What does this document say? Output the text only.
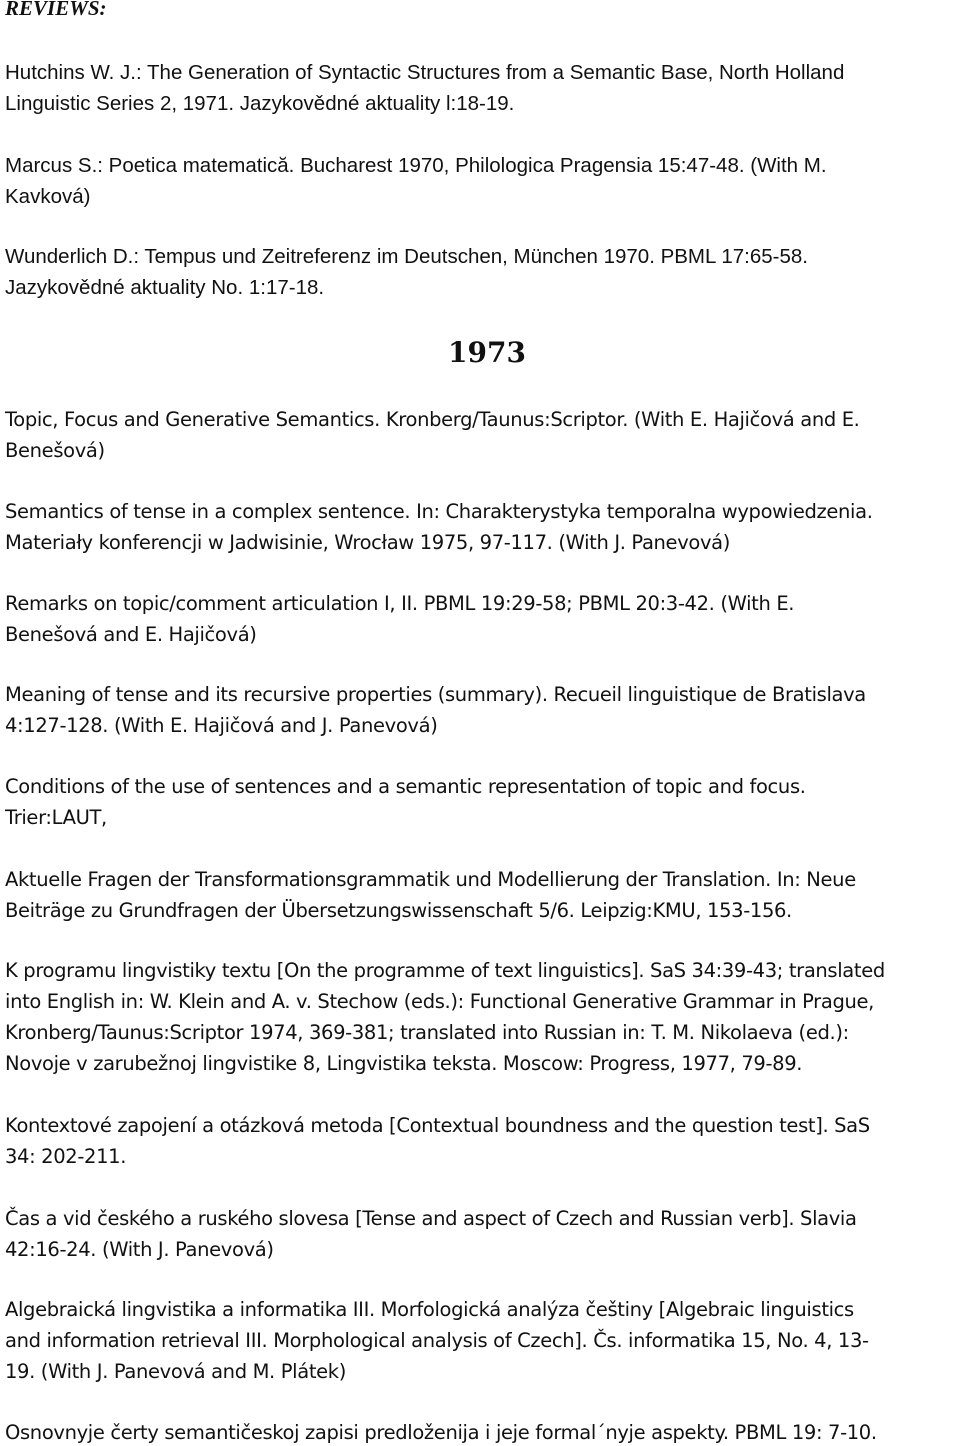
REVIEWS:

Hutchins W. J.: The Generation of Syntactic Structures from a Semantic Base, North Holland
Linguistic Series 2, 1971. Jazykovědné aktuality l:18-19.

Marcus S.: Poetica matematică. Bucharest 1970, Philologica Pragensia 15:47-48. (With M.
Kavková)

Wunderlich D.: Tempus und Zeitreferenz im Deutschen, München 1970. PBML 17:65-58.
Jazykovědné aktuality No. 1:17-18.

1973

Topic, Focus and Generative Semantics. Kronberg/Taunus:Scriptor. (With E. Hajičová and E.
Benešová)

Semantics of tense in a complex sentence. In: Charakterystyka temporalna wypowiedzenia.
Materiały konferencji w Jadwisinie, Wrocław 1975, 97-117. (With J. Panevová)

Remarks on topic/comment articulation I, II. PBML 19:29-58; PBML 20:3-42. (With E.
Benešová and E. Hajičová)

Meaning of tense and its recursive properties (summary). Recueil linguistique de Bratislava
4:127-128. (With E. Hajičová and J. Panevová)

Conditions of the use of sentences and a semantic representation of topic and focus.
Trier:LAUT,

Aktuelle Fragen der Transformationsgrammatik und Modellierung der Translation. In: Neue
Beiträge zu Grundfragen der Übersetzungswissenschaft 5/6. Leipzig:KMU, 153-156.

K programu lingvistiky textu [On the programme of text linguistics]. SaS 34:39-43; translated
into English in: W. Klein and A. v. Stechow (eds.): Functional Generative Grammar in Prague,
Kronberg/Taunus:Scriptor 1974, 369-381; translated into Russian in: T. M. Nikolaeva (ed.):
Novoje v zarubežnoj lingvistike 8, Lingvistika teksta. Moscow: Progress, 1977, 79-89.

Kontextové zapojení a otázková metoda [Contextual boundness and the question test]. SaS
34: 202-211.

Čas a vid českého a ruského slovesa [Tense and aspect of Czech and Russian verb]. Slavia
42:16-24. (With J. Panevová)

Algebraická lingvistika a informatika III. Morfologická analýza češtiny [Algebraic linguistics
and information retrieval III. Morphological analysis of Czech]. Čs. informatika 15, No. 4, 13-
19. (With J. Panevová and M. Plátek)

Osnovnyje čerty semantičeskoj zapisi predloženija i jeje formal´nyje aspekty. PBML 19: 7-10.
